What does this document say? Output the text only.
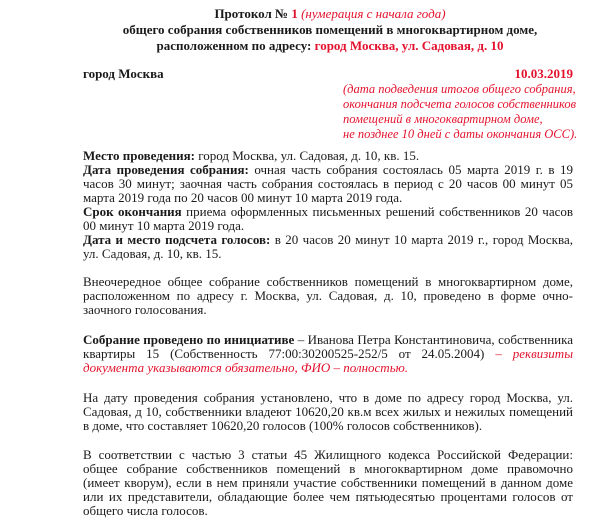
Протокол № 1 (нумерация с начала года)
общего собрания собственников помещений в многоквартирном доме,
расположенном по адресу: город Москва, ул. Садовая, д. 10
город Москва	10.03.2019
(дата подведения итогов общего собрания,
окончания подсчета голосов собственников
помещений в многоквартирном доме,
не позднее 10 дней с даты окончания ОСС).

Место проведения: город Москва, ул. Садовая, д. 10, кв. 15.

Дата проведения собрания: очная часть собрания состоялась 05 марта 2019 г. в 19 часов 30 минут; заочная часть собрания состоялась в период с 20 часов 00 минут 05 марта 2019 года по 20 часов 00 минут 10 марта 2019 года.

Срок окончания приема оформленных письменных решений собственников 20 часов 00 минут 10 марта 2019 года.

Дата и место подсчета голосов: в 20 часов 20 минут 10 марта 2019 г., город Москва, ул. Садовая, д. 10, кв. 15.

Внеочередное общее собрание собственников помещений в многоквартирном доме, расположенном по адресу г. Москва, ул. Садовая, д. 10, проведено в форме очно-заочного голосования.

Собрание проведено по инициативе – Иванова Петра Константиновича, собственника квартиры 15 (Собственность 77:00:30200525-252/5 от 24.05.2004) – реквизиты документа указываются обязательно, ФИО – полностью.

На дату проведения собрания установлено, что в доме по адресу город Москва, ул. Садовая, д 10, собственники владеют 10620,20 кв.м всех жилых и нежилых помещений в доме, что составляет 10620,20 голосов (100% голосов собственников).

В соответствии с частью 3 статьи 45 Жилищного кодекса Российской Федерации: общее собрание собственников помещений в многоквартирном доме правомочно (имеет кворум), если в нем приняли участие собственники помещений в данном доме или их представители, обладающие более чем пятьюдесятью процентами голосов от общего числа голосов.
